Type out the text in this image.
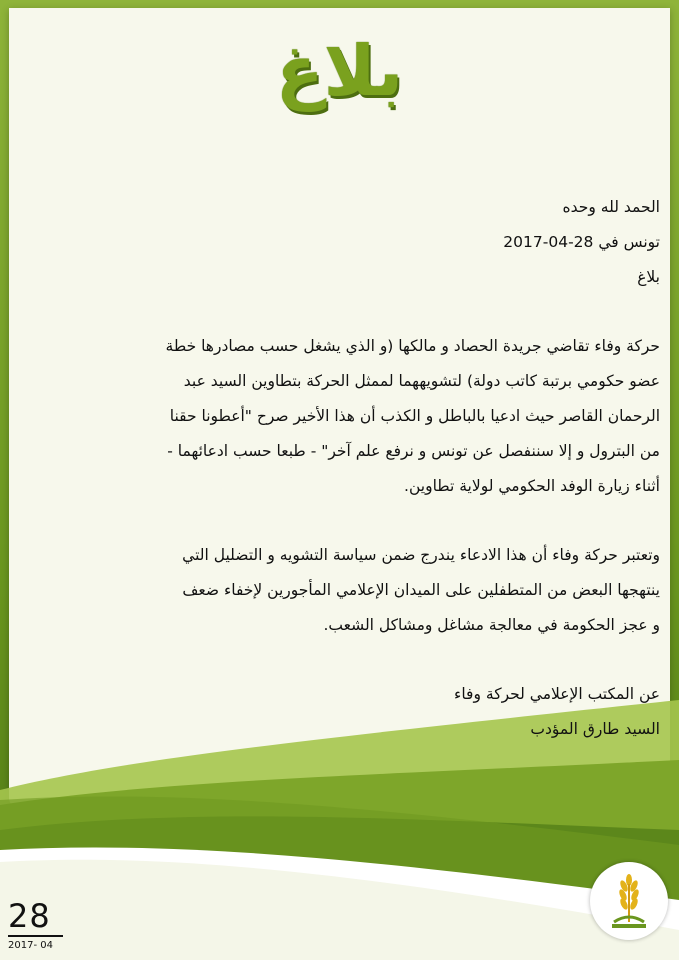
بلاغ

الحمد لله وحده

تونس في 28-04-2017

بلاغ

حركة وفاء تقاضي جريدة الحصاد و مالكها (و الذي يشغل حسب مصادرها خطة

عضو حكومي برتبة كاتب دولة) لتشويههما لممثل الحركة بتطاوين السيد عبد

الرحمان القاصر حيث ادعيا بالباطل و الكذب أن هذا الأخير صرح "أعطونا حقنا

من البترول و إلا سننفصل عن تونس و نرفع علم آخر" - طبعا حسب ادعائهما -

أثناء زيارة الوفد الحكومي لولاية تطاوين.

وتعتبر حركة وفاء أن هذا الادعاء يندرج ضمن سياسة التشويه و التضليل التي

ينتهجها البعض من المتطفلين على الميدان الإعلامي المأجورين لإخفاء ضعف

و عجز الحكومة في معالجة مشاغل ومشاكل الشعب.

عن المكتب الإعلامي لحركة وفاء

السيد طارق المؤدب

28
2017- 04
